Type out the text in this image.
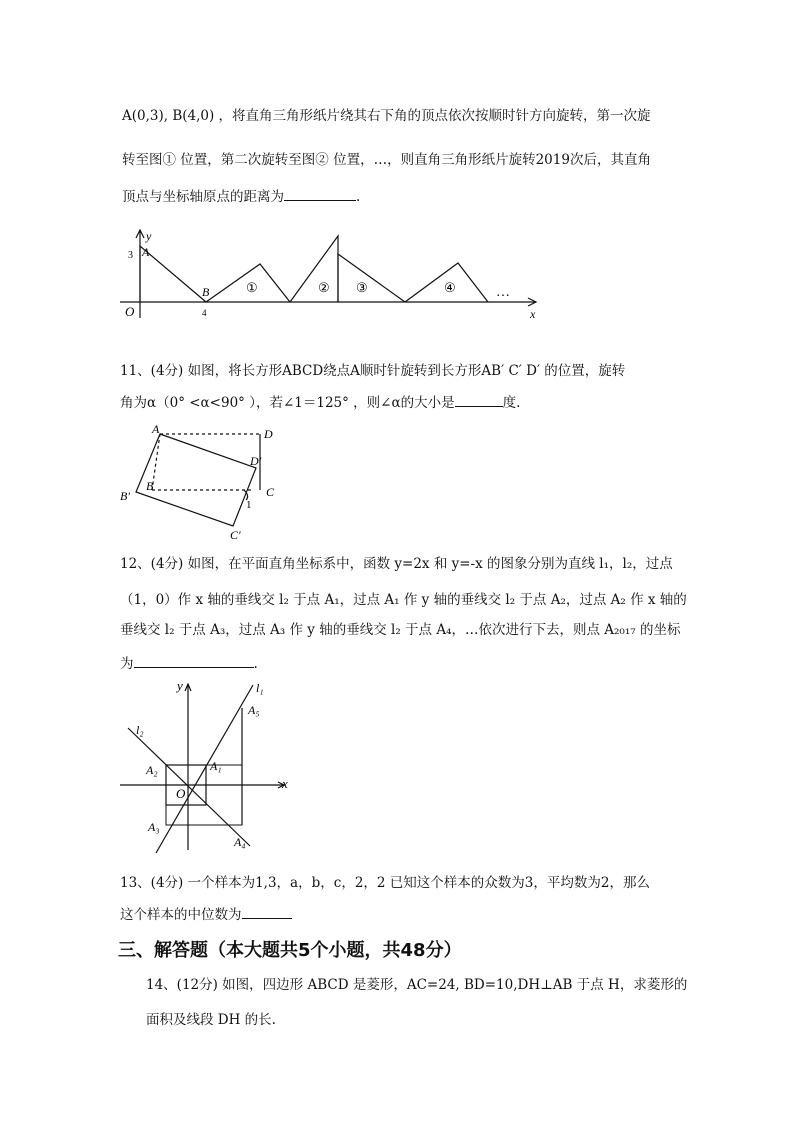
A(0,3), B(4,0) ，将直角三角形纸片绕其右下角的顶点依次按顺时针方向旋转，第一次旋
转至图① 位置，第二次旋转至图② 位置，…，则直角三角形纸片旋转2019次后，其直角
顶点与坐标轴原点的距离为	.
y
3 A
B
4
O	x
①	② ③	④	…
11、(4分) 如图，将长方形ABCD绕点A顺时针旋转到长方形AB′ C′ D′ 的位置，旋转
角为α（0° <α<90° ），若∠1＝125° ，则∠α的大小是	度.
A	D
D′
B	C
B′
C′
1
12、(4分) 如图，在平面直角坐标系中，函数 y=2x 和 y=-x 的图象分别为直线 l₁，l₂，过点
（1，0）作 x 轴的垂线交 l₂ 于点 A₁，过点 A₁ 作 y 轴的垂线交 l₂ 于点 A₂，过点 A₂ 作 x 轴的
垂线交 l₂ 于点 A₃，过点 A₃ 作 y 轴的垂线交 l₂ 于点 A₄，…依次进行下去，则点 A₂₀₁₇ 的坐标
为	.
y
x
O
l₁
l₂
A₁
A₂
A₃
A₄
A₅
13、(4分) 一个样本为1,3，a，b，c，2，2 已知这个样本的众数为3，平均数为2，那么
这个样本的中位数为
三、解答题（本大题共5个小题，共48分）
14、(12分) 如图，四边形 ABCD 是菱形，AC=24, BD=10,DH⊥AB 于点 H，求菱形的
面积及线段 DH 的长.
